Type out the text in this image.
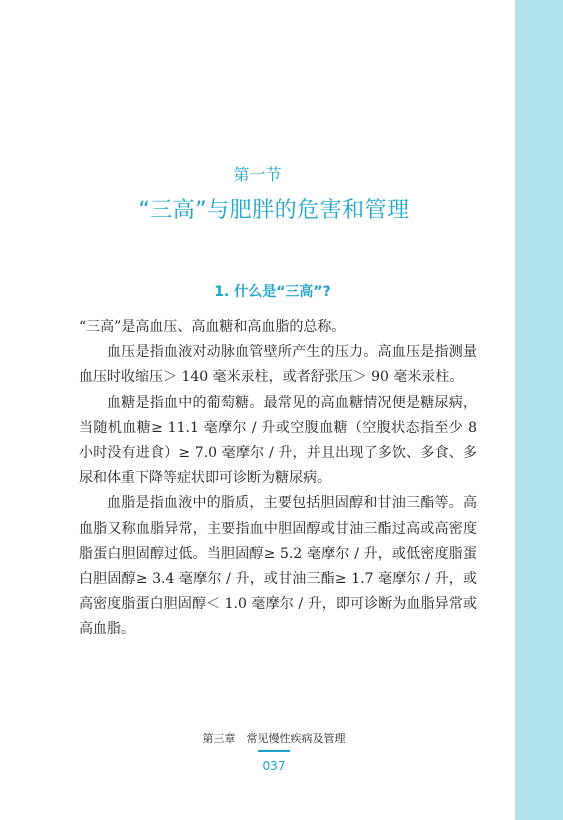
第一节
“三高”与肥胖的危害和管理
1. 什么是“三高”?

“三高”是高血压、高血糖和高血脂的总称。

血压是指血液对动脉血管壁所产生的压力。高血压是指测量血压时收缩压＞ 140 毫米汞柱，或者舒张压＞ 90 毫米汞柱。

血糖是指血中的葡萄糖。最常见的高血糖情况便是糖尿病，当随机血糖≥ 11.1 毫摩尔 / 升或空腹血糖（空腹状态指至少 8 小时没有进食）≥ 7.0 毫摩尔 / 升，并且出现了多饮、多食、多尿和体重下降等症状即可诊断为糖尿病。

血脂是指血液中的脂质，主要包括胆固醇和甘油三酯等。高血脂又称血脂异常，主要指血中胆固醇或甘油三酯过高或高密度脂蛋白胆固醇过低。当胆固醇≥ 5.2 毫摩尔 / 升，或低密度脂蛋白胆固醇≥ 3.4 毫摩尔 / 升，或甘油三酯≥ 1.7 毫摩尔 / 升，或高密度脂蛋白胆固醇＜ 1.0 毫摩尔 / 升，即可诊断为血脂异常或高血脂。

第三章　常见慢性疾病及管理
037
